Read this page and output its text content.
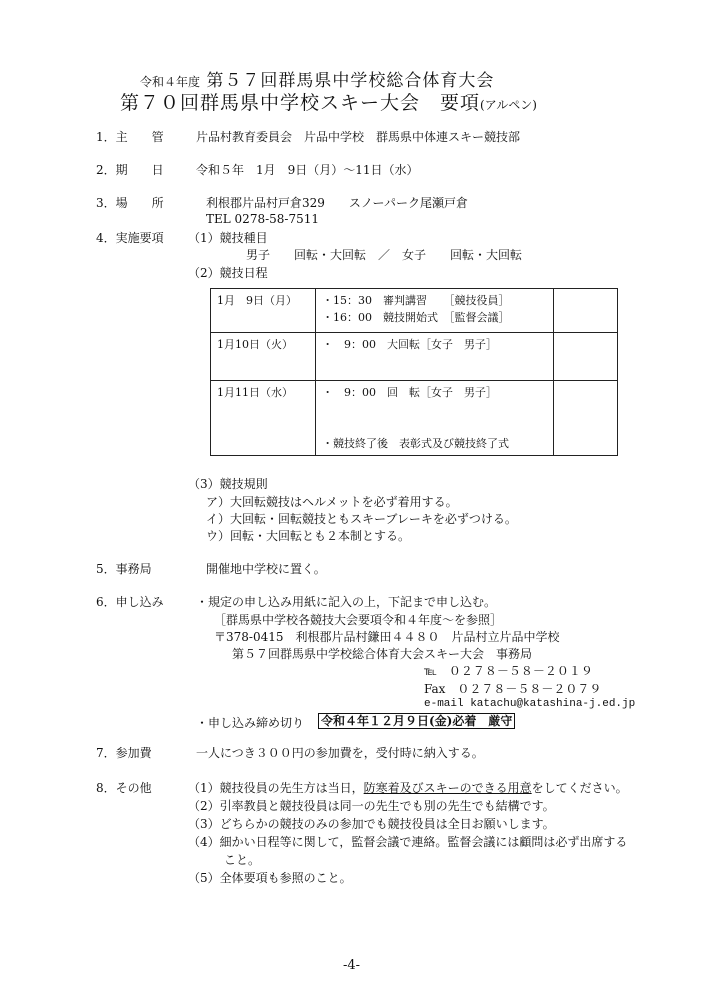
令和４年度 第５７回群馬県中学校総合体育大会
第７０回群馬県中学校スキー大会　要項(アルペン)
1．主　　管	片品村教育委員会　片品中学校　群馬県中体連スキー競技部
2．期　　日	令和５年　1月　9日（月）～11日（水）
3．場　　所	利根郡片品村戸倉329　　スノーパーク尾瀬戸倉
TEL 0278-58-7511
4．実施要項 （1）競技種目
男子　　回転・大回転　／　女子　　回転・大回転
（2）競技日程
1月　9日（月）	・15：30　審判講習　　［競技役員］
・16：00　競技開始式　［監督会議］	

1月10日（火）	・　9：00　大回転［女子　男子］	

1月11日（水）	・　9：00　回　転［女子　男子］

・競技終了後　表彰式及び競技終了式	

（3）競技規則
ア）大回転競技はヘルメットを必ず着用する。
イ）大回転・回転競技ともスキーブレーキを必ずつける。
ウ）回転・大回転とも２本制とする。
5．事務局	開催地中学校に置く。
6．申し込み	・規定の申し込み用紙に記入の上，下記まで申し込む。
［群馬県中学校各競技大会要項令和４年度～を参照］
〒378-0415　利根郡片品村鎌田４４８０　片品村立片品中学校
第５７回群馬県中学校総合体育大会スキー大会　事務局
℡　０２７８－５８－２０１９
Fax　０２７８－５８－２０７９
e-mail katachu@katashina-j.ed.jp
・申し込み締め切り 令和４年１２月９日(金)必着　厳守
7．参加費	一人につき３００円の参加費を，受付時に納入する。
8．その他	（1）競技役員の先生方は当日，防寒着及びスキーのできる用意をしてください。
（2）引率教員と競技役員は同一の先生でも別の先生でも結構です。
（3）どちらかの競技のみの参加でも競技役員は全日お願いします。
（4）細かい日程等に関して，監督会議で連絡。監督会議には顧問は必ず出席する
こと。
（5）全体要項も参照のこと。
-4-
